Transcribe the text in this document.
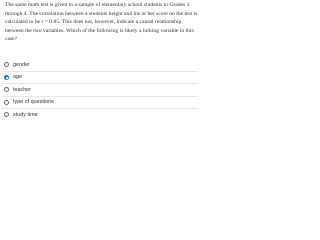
The same math test is given to a sample of elementary school students in Grades 1 through 4. The correlation between a students height and his or her score on the test is calculated to be r = 0.85. This does not, however, indicate a causal relationship between the two variables. Which of the following is likely a lurking variable in this case?
gender
age
teacher
type of questions
study time
